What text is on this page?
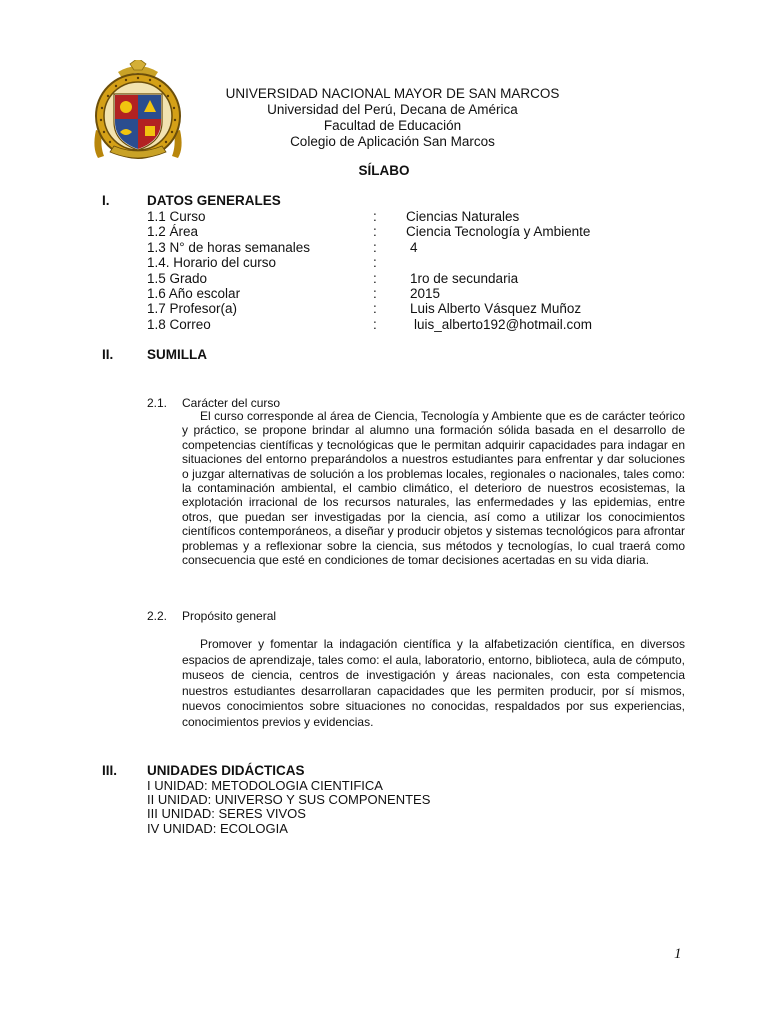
UNIVERSIDAD NACIONAL MAYOR DE SAN MARCOS
Universidad del Perú, Decana de América
Facultad de Educación
Colegio de Aplicación San Marcos
SÍLABO
I.	DATOS GENERALES
1.1 Curso	: Ciencias Naturales
1.2 Área	: Ciencia Tecnología y Ambiente
1.3 N° de horas semanales	: 4
1.4. Horario del curso	:
1.5 Grado	: 1ro de secundaria
1.6 Año escolar	: 2015
1.7 Profesor(a)	: Luis Alberto Vásquez Muñoz
1.8 Correo	:	luis_alberto192@hotmail.com
II. SUMILLA
2.1. Carácter del curso

El curso corresponde al área de Ciencia, Tecnología y Ambiente que es de carácter teórico y práctico, se propone brindar al alumno una formación sólida basada en el desarrollo de competencias científicas y tecnológicas que le permitan adquirir capacidades para indagar en situaciones del entorno preparándolos a nuestros estudiantes para enfrentar y dar soluciones o juzgar alternativas de solución a los problemas locales, regionales o nacionales, tales como: la contaminación ambiental, el cambio climático, el deterioro de nuestros ecosistemas, la explotación irracional de los recursos naturales, las enfermedades y las epidemias, entre otros, que puedan ser investigadas por la ciencia, así como a utilizar los conocimientos científicos contemporáneos, a diseñar y producir objetos y sistemas tecnológicos para afrontar problemas y a reflexionar sobre la ciencia, sus métodos y tecnologías, lo cual traerá como consecuencia que esté en condiciones de tomar decisiones acertadas en su vida diaria.

2.2. Propósito general

Promover y fomentar la indagación científica y la alfabetización científica, en diversos espacios de aprendizaje, tales como: el aula, laboratorio, entorno, biblioteca, aula de cómputo, museos de ciencia, centros de investigación y áreas nacionales, con esta competencia nuestros estudiantes desarrollaran capacidades que les permiten producir, por sí mismos, nuevos conocimientos sobre situaciones no conocidas, respaldados por sus experiencias, conocimientos previos y evidencias.

III. UNIDADES DIDÁCTICAS
I UNIDAD: METODOLOGIA CIENTIFICA
II UNIDAD: UNIVERSO Y SUS COMPONENTES
III UNIDAD: SERES VIVOS
IV UNIDAD: ECOLOGIA
1
